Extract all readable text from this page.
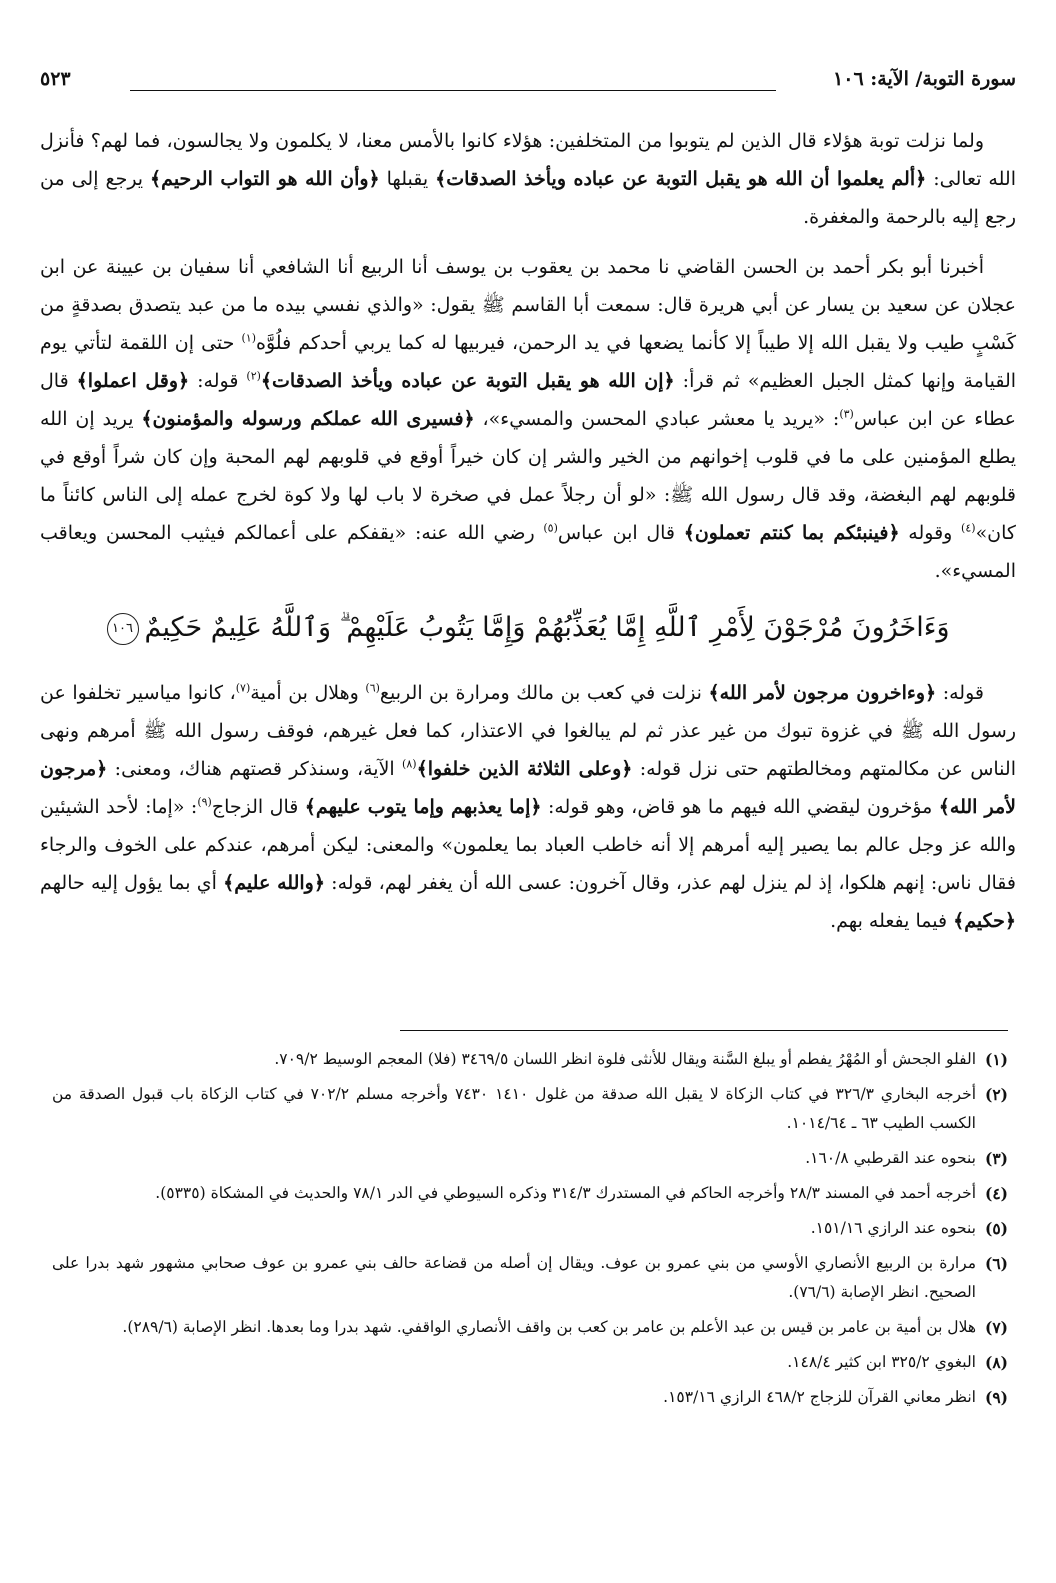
سورة التوبة/ الآية: ١٠٦
٥٢٣

ولما نزلت توبة هؤلاء قال الذين لم يتوبوا من المتخلفين: هؤلاء كانوا بالأمس معنا، لا يكلمون ولا يجالسون، فما لهم؟ فأنزل الله تعالى: ﴿ألم يعلموا أن الله هو يقبل التوبة عن عباده ويأخذ الصدقات﴾ يقبلها ﴿وأن الله هو التواب الرحيم﴾ يرجع إلى من رجع إليه بالرحمة والمغفرة.

أخبرنا أبو بكر أحمد بن الحسن القاضي نا محمد بن يعقوب بن يوسف أنا الربيع أنا الشافعي أنا سفيان بن عيينة عن ابن عجلان عن سعيد بن يسار عن أبي هريرة قال: سمعت أبا القاسم ﷺ يقول: «والذي نفسي بيده ما من عبد يتصدق بصدقةٍ من كَسْبٍ طيب ولا يقبل الله إلا طيباً إلا كأنما يضعها في يد الرحمن، فيربيها له كما يربي أحدكم فلُوَّه$^{(١)}$ حتى إن اللقمة لتأتي يوم القيامة وإنها كمثل الجبل العظيم» ثم قرأ: ﴿إن الله هو يقبل التوبة عن عباده ويأخذ الصدقات﴾$^{(٢)}$ قوله: ﴿وقل اعملوا﴾ قال عطاء عن ابن عباس$^{(٣)}$: «يريد يا معشر عبادي المحسن والمسيء»، ﴿فسيرى الله عملكم ورسوله والمؤمنون﴾ يريد إن الله يطلع المؤمنين على ما في قلوب إخوانهم من الخير والشر إن كان خيراً أوقع في قلوبهم لهم المحبة وإن كان شراً أوقع في قلوبهم لهم البغضة، وقد قال رسول الله ﷺ: «لو أن رجلاً عمل في صخرة لا باب لها ولا كوة لخرج عمله إلى الناس كائناً ما كان»$^{(٤)}$ وقوله ﴿فينبئكم بما كنتم تعملون﴾ قال ابن عباس$^{(٥)}$ رضي الله عنه: «يقفكم على أعمالكم فيثيب المحسن ويعاقب المسيء».

وَءَاخَرُونَ مُرْجَوْنَ لِأَمْرِ ٱللَّهِ إِمَّا يُعَذِّبُهُمْ وَإِمَّا يَتُوبُ عَلَيْهِمْ ۗ وَٱللَّهُ عَلِيمٌ حَكِيمٌ١٠٦

قوله: ﴿وءاخرون مرجون لأمر الله﴾ نزلت في كعب بن مالك ومرارة بن الربيع$^{(٦)}$ وهلال بن أمية$^{(٧)}$، كانوا مياسير تخلفوا عن رسول الله ﷺ في غزوة تبوك من غير عذر ثم لم يبالغوا في الاعتذار، كما فعل غيرهم، فوقف رسول الله ﷺ أمرهم ونهى الناس عن مكالمتهم ومخالطتهم حتى نزل قوله: ﴿وعلى الثلاثة الذين خلفوا﴾$^{(٨)}$ الآية، وسنذكر قصتهم هناك، ومعنى: ﴿مرجون لأمر الله﴾ مؤخرون ليقضي الله فيهم ما هو قاض، وهو قوله: ﴿إما يعذبهم وإما يتوب عليهم﴾ قال الزجاج$^{(٩)}$: «إما: لأحد الشيئين والله عز وجل عالم بما يصير إليه أمرهم إلا أنه خاطب العباد بما يعلمون» والمعنى: ليكن أمرهم، عندكم على الخوف والرجاء فقال ناس: إنهم هلكوا، إذ لم ينزل لهم عذر، وقال آخرون: عسى الله أن يغفر لهم، قوله: ﴿والله عليم﴾ أي بما يؤول إليه حالهم ﴿حكيم﴾ فيما يفعله بهم.

(١)
الفلو الجحش أو المُهْرُ يفطم أو يبلغ السَّنة ويقال للأنثى فلوة انظر اللسان ٣٤٦٩/٥ (فلا) المعجم الوسيط ٧٠٩/٢.
(٢)
أخرجه البخاري ٣٢٦/٣ في كتاب الزكاة لا يقبل الله صدقة من غلول ١٤١٠ ٧٤٣٠ وأخرجه مسلم ٧٠٢/٢ في كتاب الزكاة باب قبول الصدقة من الكسب الطيب ٦٣ ـ ١٠١٤/٦٤.
(٣)
بنحوه عند القرطبي ١٦٠/٨.
(٤)
أخرجه أحمد في المسند ٢٨/٣ وأخرجه الحاكم في المستدرك ٣١٤/٣ وذكره السيوطي في الدر ٧٨/١ والحديث في المشكاة (٥٣٣٥).
(٥)
بنحوه عند الرازي ١٥١/١٦.
(٦)
مرارة بن الربيع الأنصاري الأوسي من بني عمرو بن عوف. ويقال إن أصله من قضاعة حالف بني عمرو بن عوف صحابي مشهور شهد بدرا على الصحيح. انظر الإصابة (٧٦/٦).
(٧)
هلال بن أمية بن عامر بن قيس بن عبد الأعلم بن عامر بن كعب بن واقف الأنصاري الواقفي. شهد بدرا وما بعدها. انظر الإصابة (٢٨٩/٦).
(٨)
البغوي ٣٢٥/٢ ابن كثير ١٤٨/٤.
(٩)
انظر معاني القرآن للزجاج ٤٦٨/٢ الرازي ١٥٣/١٦.
